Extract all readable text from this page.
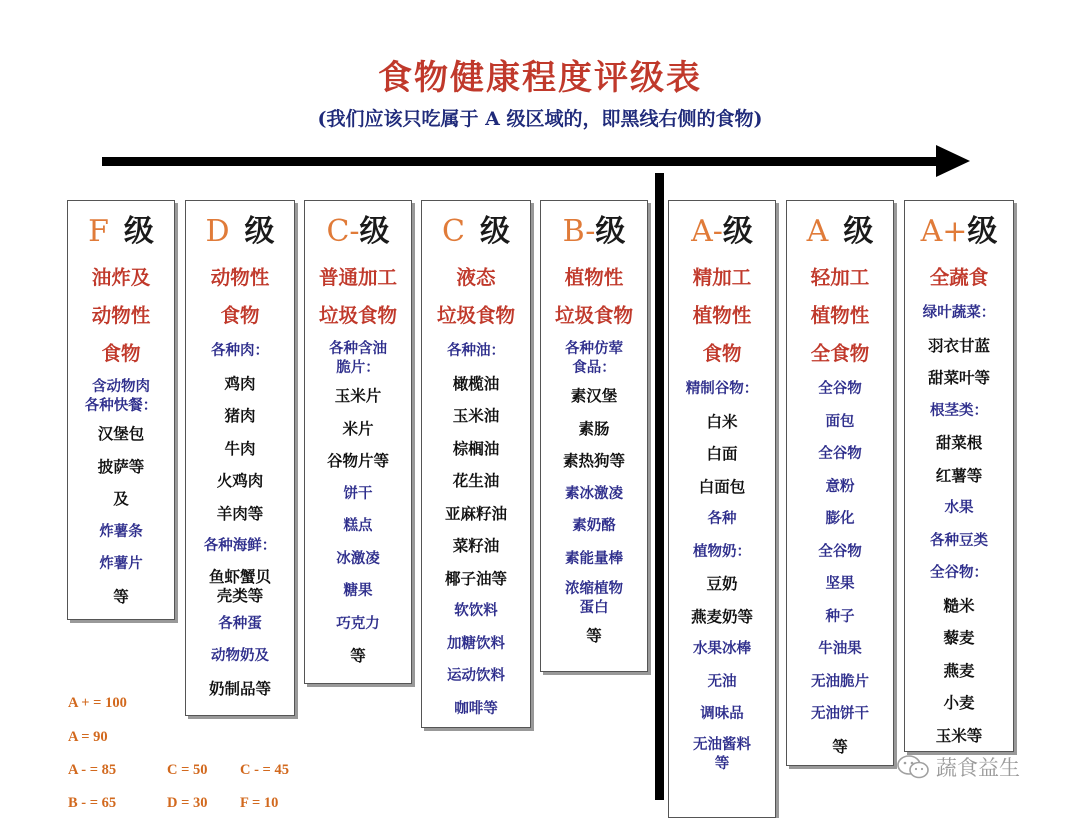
食物健康程度评级表
(我们应该只吃属于 A 级区域的，即黑线右侧的食物)
F  级
油炸及
动物性
食物
含动物肉
各种快餐：
汉堡包
披萨等
及
炸薯条
炸薯片
等
D  级
动物性
食物
各种肉：
鸡肉
猪肉
牛肉
火鸡肉
羊肉等
各种海鲜：
鱼虾蟹贝
壳类等
各种蛋
动物奶及
奶制品等
C-级
普通加工
垃圾食物
各种含油
脆片：
玉米片
米片
谷物片等
饼干
糕点
冰激凌
糖果
巧克力
等
C  级
液态
垃圾食物
各种油：
橄榄油
玉米油
棕榈油
花生油
亚麻籽油
菜籽油
椰子油等
软饮料
加糖饮料
运动饮料
咖啡等
B-级
植物性
垃圾食物
各种仿荤
食品：
素汉堡
素肠
素热狗等
素冰激凌
素奶酪
素能量棒
浓缩植物
蛋白
等
A-级
精加工
植物性
食物
精制谷物：
白米
白面
白面包
各种
植物奶：
豆奶
燕麦奶等
水果冰棒
无油
调味品
无油酱料
等
A  级
轻加工
植物性
全食物
全谷物
面包
全谷物
意粉
膨化
全谷物
坚果
种子
牛油果
无油脆片
无油饼干
等
A+级
全蔬食
绿叶蔬菜：
羽衣甘蓝
甜菜叶等
根茎类：
甜菜根
红薯等
水果
各种豆类
全谷物：
糙米
藜麦
燕麦
小麦
玉米等
A + = 100
A = 90
A - = 85	C = 50 C - = 45
B - = 65	D = 30 F = 10
蔬食益生
